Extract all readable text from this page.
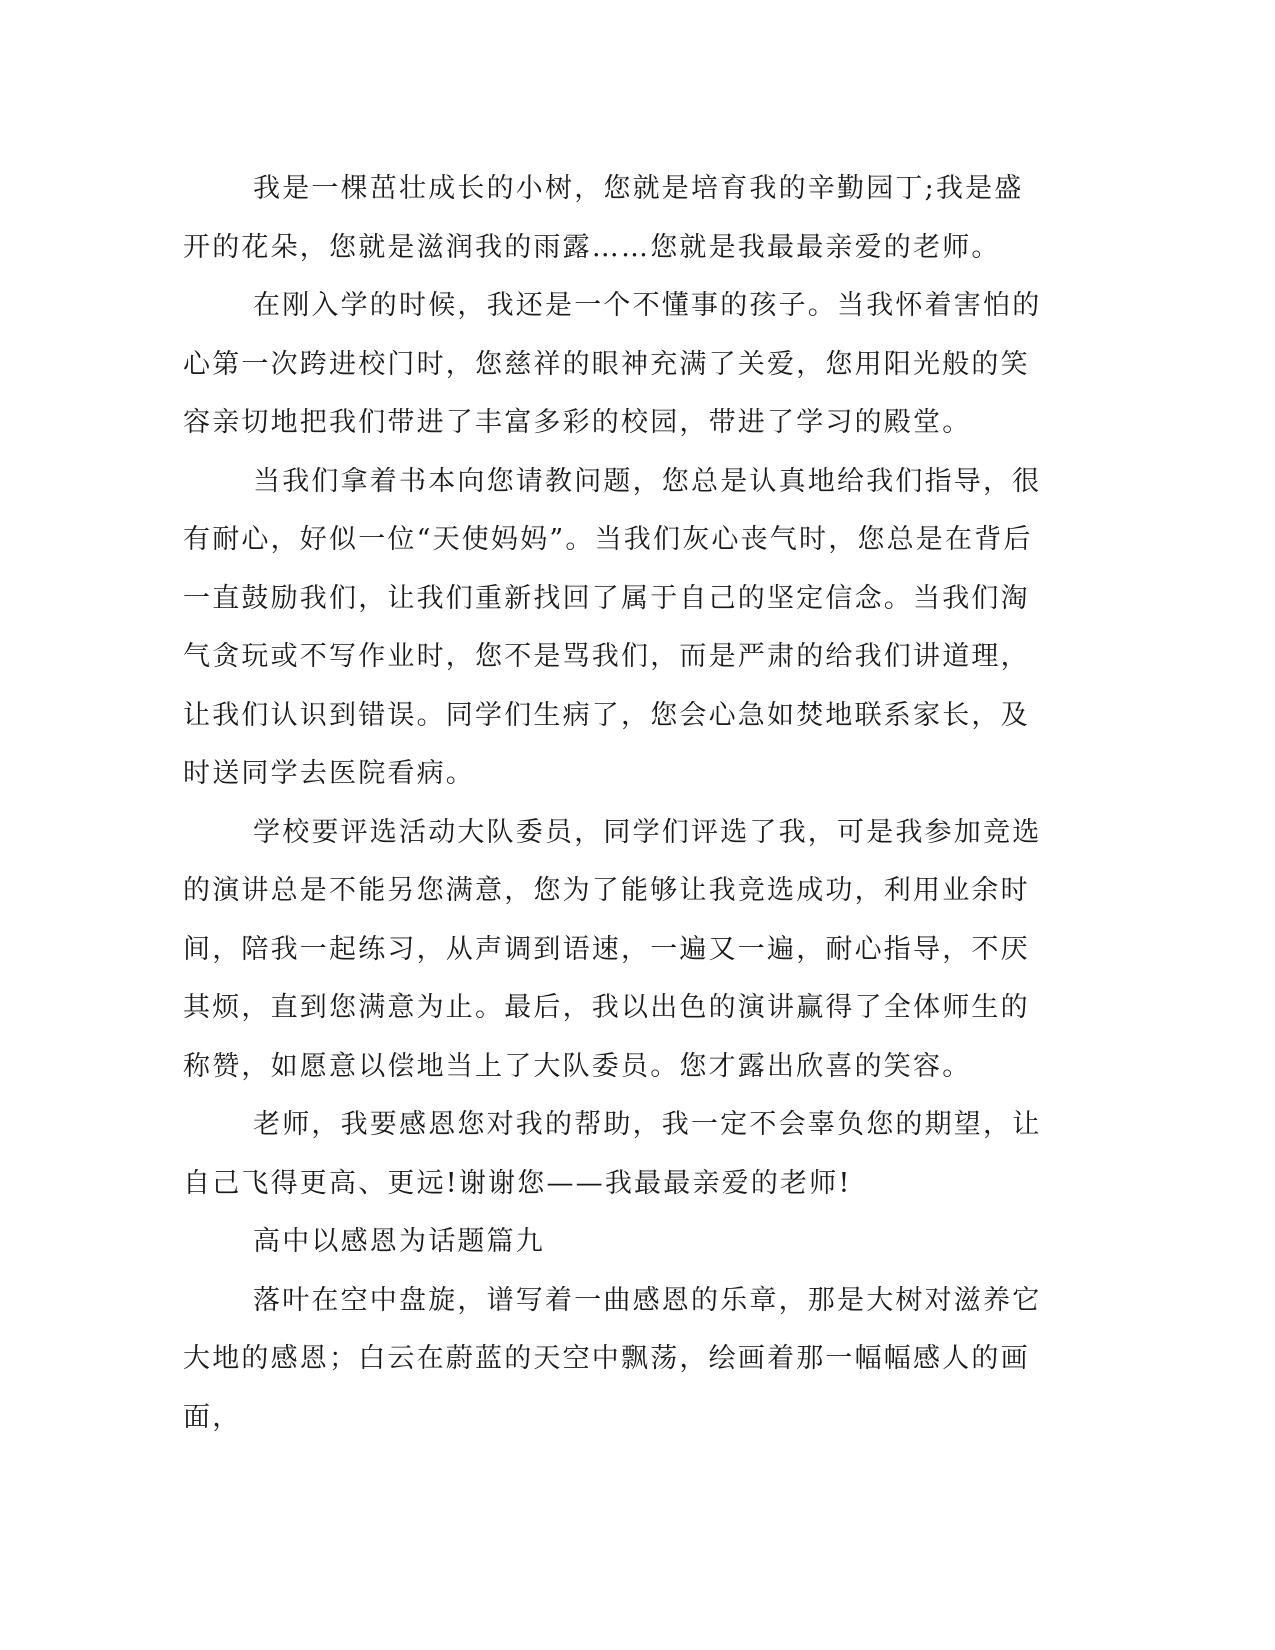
我是一棵茁壮成长的小树，您就是培育我的辛勤园丁;我是盛开的花朵，您就是滋润我的雨露……您就是我最最亲爱的老师。

在刚入学的时候，我还是一个不懂事的孩子。当我怀着害怕的心第一次跨进校门时，您慈祥的眼神充满了关爱，您用阳光般的笑容亲切地把我们带进了丰富多彩的校园，带进了学习的殿堂。

当我们拿着书本向您请教问题，您总是认真地给我们指导，很有耐心，好似一位“天使妈妈”。当我们灰心丧气时，您总是在背后一直鼓励我们，让我们重新找回了属于自己的坚定信念。当我们淘气贪玩或不写作业时，您不是骂我们，而是严肃的给我们讲道理，让我们认识到错误。同学们生病了，您会心急如焚地联系家长，及时送同学去医院看病。

学校要评选活动大队委员，同学们评选了我，可是我参加竞选的演讲总是不能另您满意，您为了能够让我竞选成功，利用业余时间，陪我一起练习，从声调到语速，一遍又一遍，耐心指导，不厌其烦，直到您满意为止。最后，我以出色的演讲赢得了全体师生的称赞，如愿意以偿地当上了大队委员。您才露出欣喜的笑容。

老师，我要感恩您对我的帮助，我一定不会辜负您的期望，让自己飞得更高、更远!谢谢您——我最最亲爱的老师!

高中以感恩为话题篇九

落叶在空中盘旋，谱写着一曲感恩的乐章，那是大树对滋养它大地的感恩；白云在蔚蓝的天空中飘荡，绘画着那一幅幅感人的画面，
